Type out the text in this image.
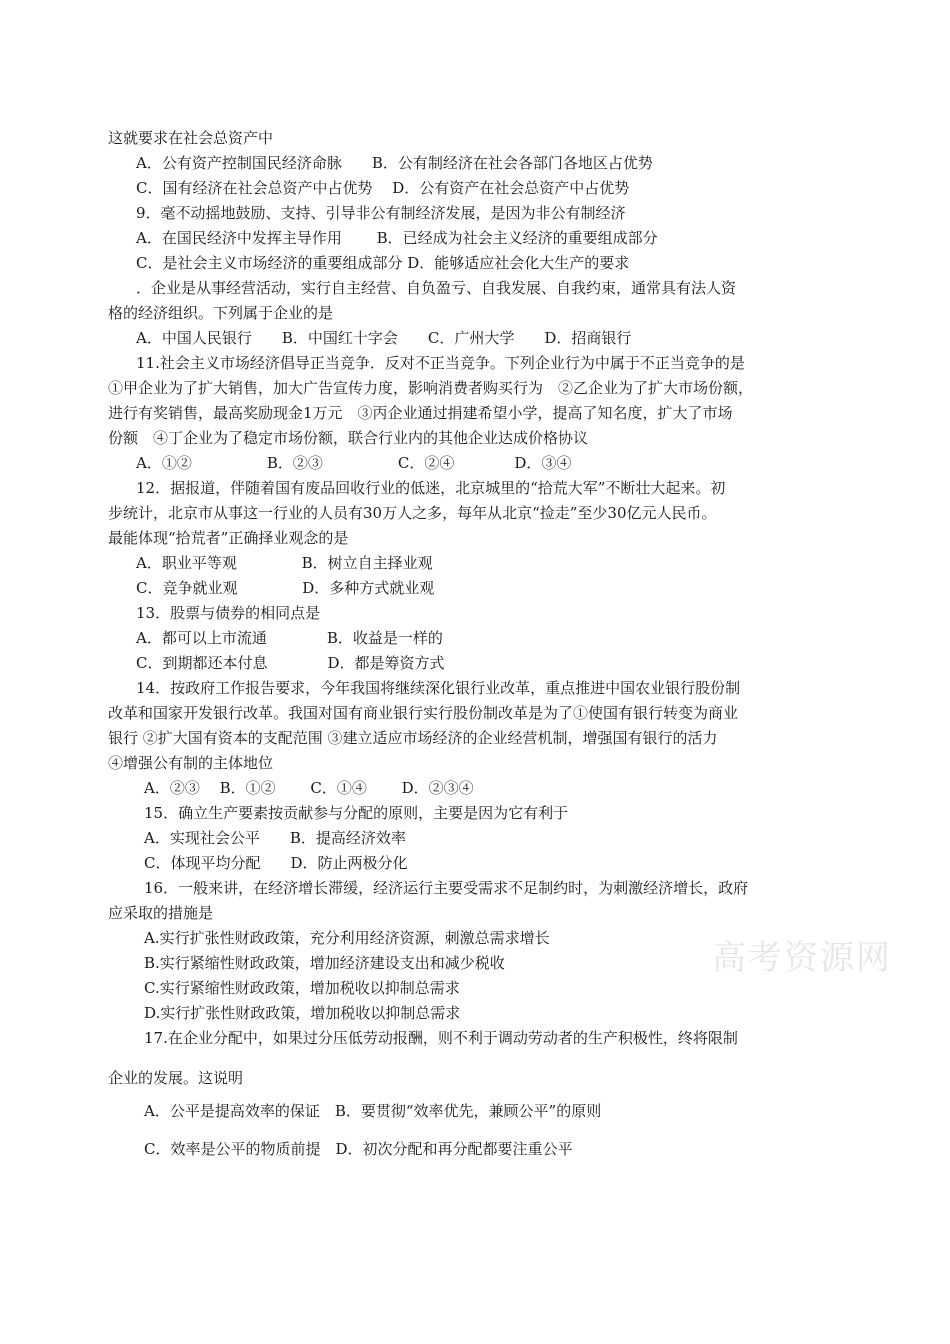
高考资源网
这就要求在社会总资产中
A．公有资产控制国民经济命脉　　B．公有制经济在社会各部门各地区占优势
C．国有经济在社会总资产中占优势　 D．公有资产在社会总资产中占优势
9．毫不动摇地鼓励、支持、引导非公有制经济发展，是因为非公有制经济
A．在国民经济中发挥主导作用　　 B．已经成为社会主义经济的重要组成部分
C．是社会主义市场经济的重要组成部分 D．能够适应社会化大生产的要求
．企业是从事经营活动，实行自主经营、自负盈亏、自我发展、自我约束，通常具有法人资
格的经济组织。下列属于企业的是
A．中国人民银行　　B．中国红十字会　　C．广州大学　　D．招商银行
11.社会主义市场经济倡导正当竞争．反对不正当竞争。下列企业行为中属于不正当竞争的是
①甲企业为了扩大销售，加大广告宣传力度，影响消费者购买行为　②乙企业为了扩大市场份额，
进行有奖销售，最高奖励现金1万元　③丙企业通过捐建希望小学，提高了知名度，扩大了市场
份额　④丁企业为了稳定市场份额，联合行业内的其他企业达成价格协议
A．①②　　　　　B．②③　　　　　C．②④　　　　D．③④
12．据报道，伴随着国有废品回收行业的低迷，北京城里的“拾荒大军”不断壮大起来。初
步统计，北京市从事这一行业的人员有30万人之多，每年从北京“捡走”至少30亿元人民币。
最能体现“拾荒者”正确择业观念的是
A．职业平等观　　　　 B．树立自主择业观
C．竞争就业观　　　　 D．多种方式就业观
13．股票与债券的相同点是
A．都可以上市流通　　　　B．收益是一样的
C．到期都还本付息　　　　D．都是筹资方式
14．按政府工作报告要求，今年我国将继续深化银行业改革，重点推进中国农业银行股份制
改革和国家开发银行改革。我国对国有商业银行实行股份制改革是为了①使国有银行转变为商业
银行 ②扩大国有资本的支配范围 ③建立适应市场经济的企业经营机制，增强国有银行的活力
④增强公有制的主体地位
A．②③　 B．①②　　 C．①④　　 D．②③④
15．确立生产要素按贡献参与分配的原则，主要是因为它有利于
A．实现社会公平　　B．提高经济效率
C．体现平均分配　　D．防止两极分化
16．一般来讲，在经济增长滞缓，经济运行主要受需求不足制约时，为刺激经济增长，政府
应采取的措施是
A.实行扩张性财政政策，充分利用经济资源，刺激总需求增长
B.实行紧缩性财政政策，增加经济建设支出和减少税收
C.实行紧缩性财政政策，增加税收以抑制总需求
D.实行扩张性财政政策，增加税收以抑制总需求
17.在企业分配中，如果过分压低劳动报酬，则不利于调动劳动者的生产积极性，终将限制
企业的发展。这说明
A．公平是提高效率的保证　B．要贯彻“效率优先，兼顾公平”的原则
C．效率是公平的物质前提　D．初次分配和再分配都要注重公平
